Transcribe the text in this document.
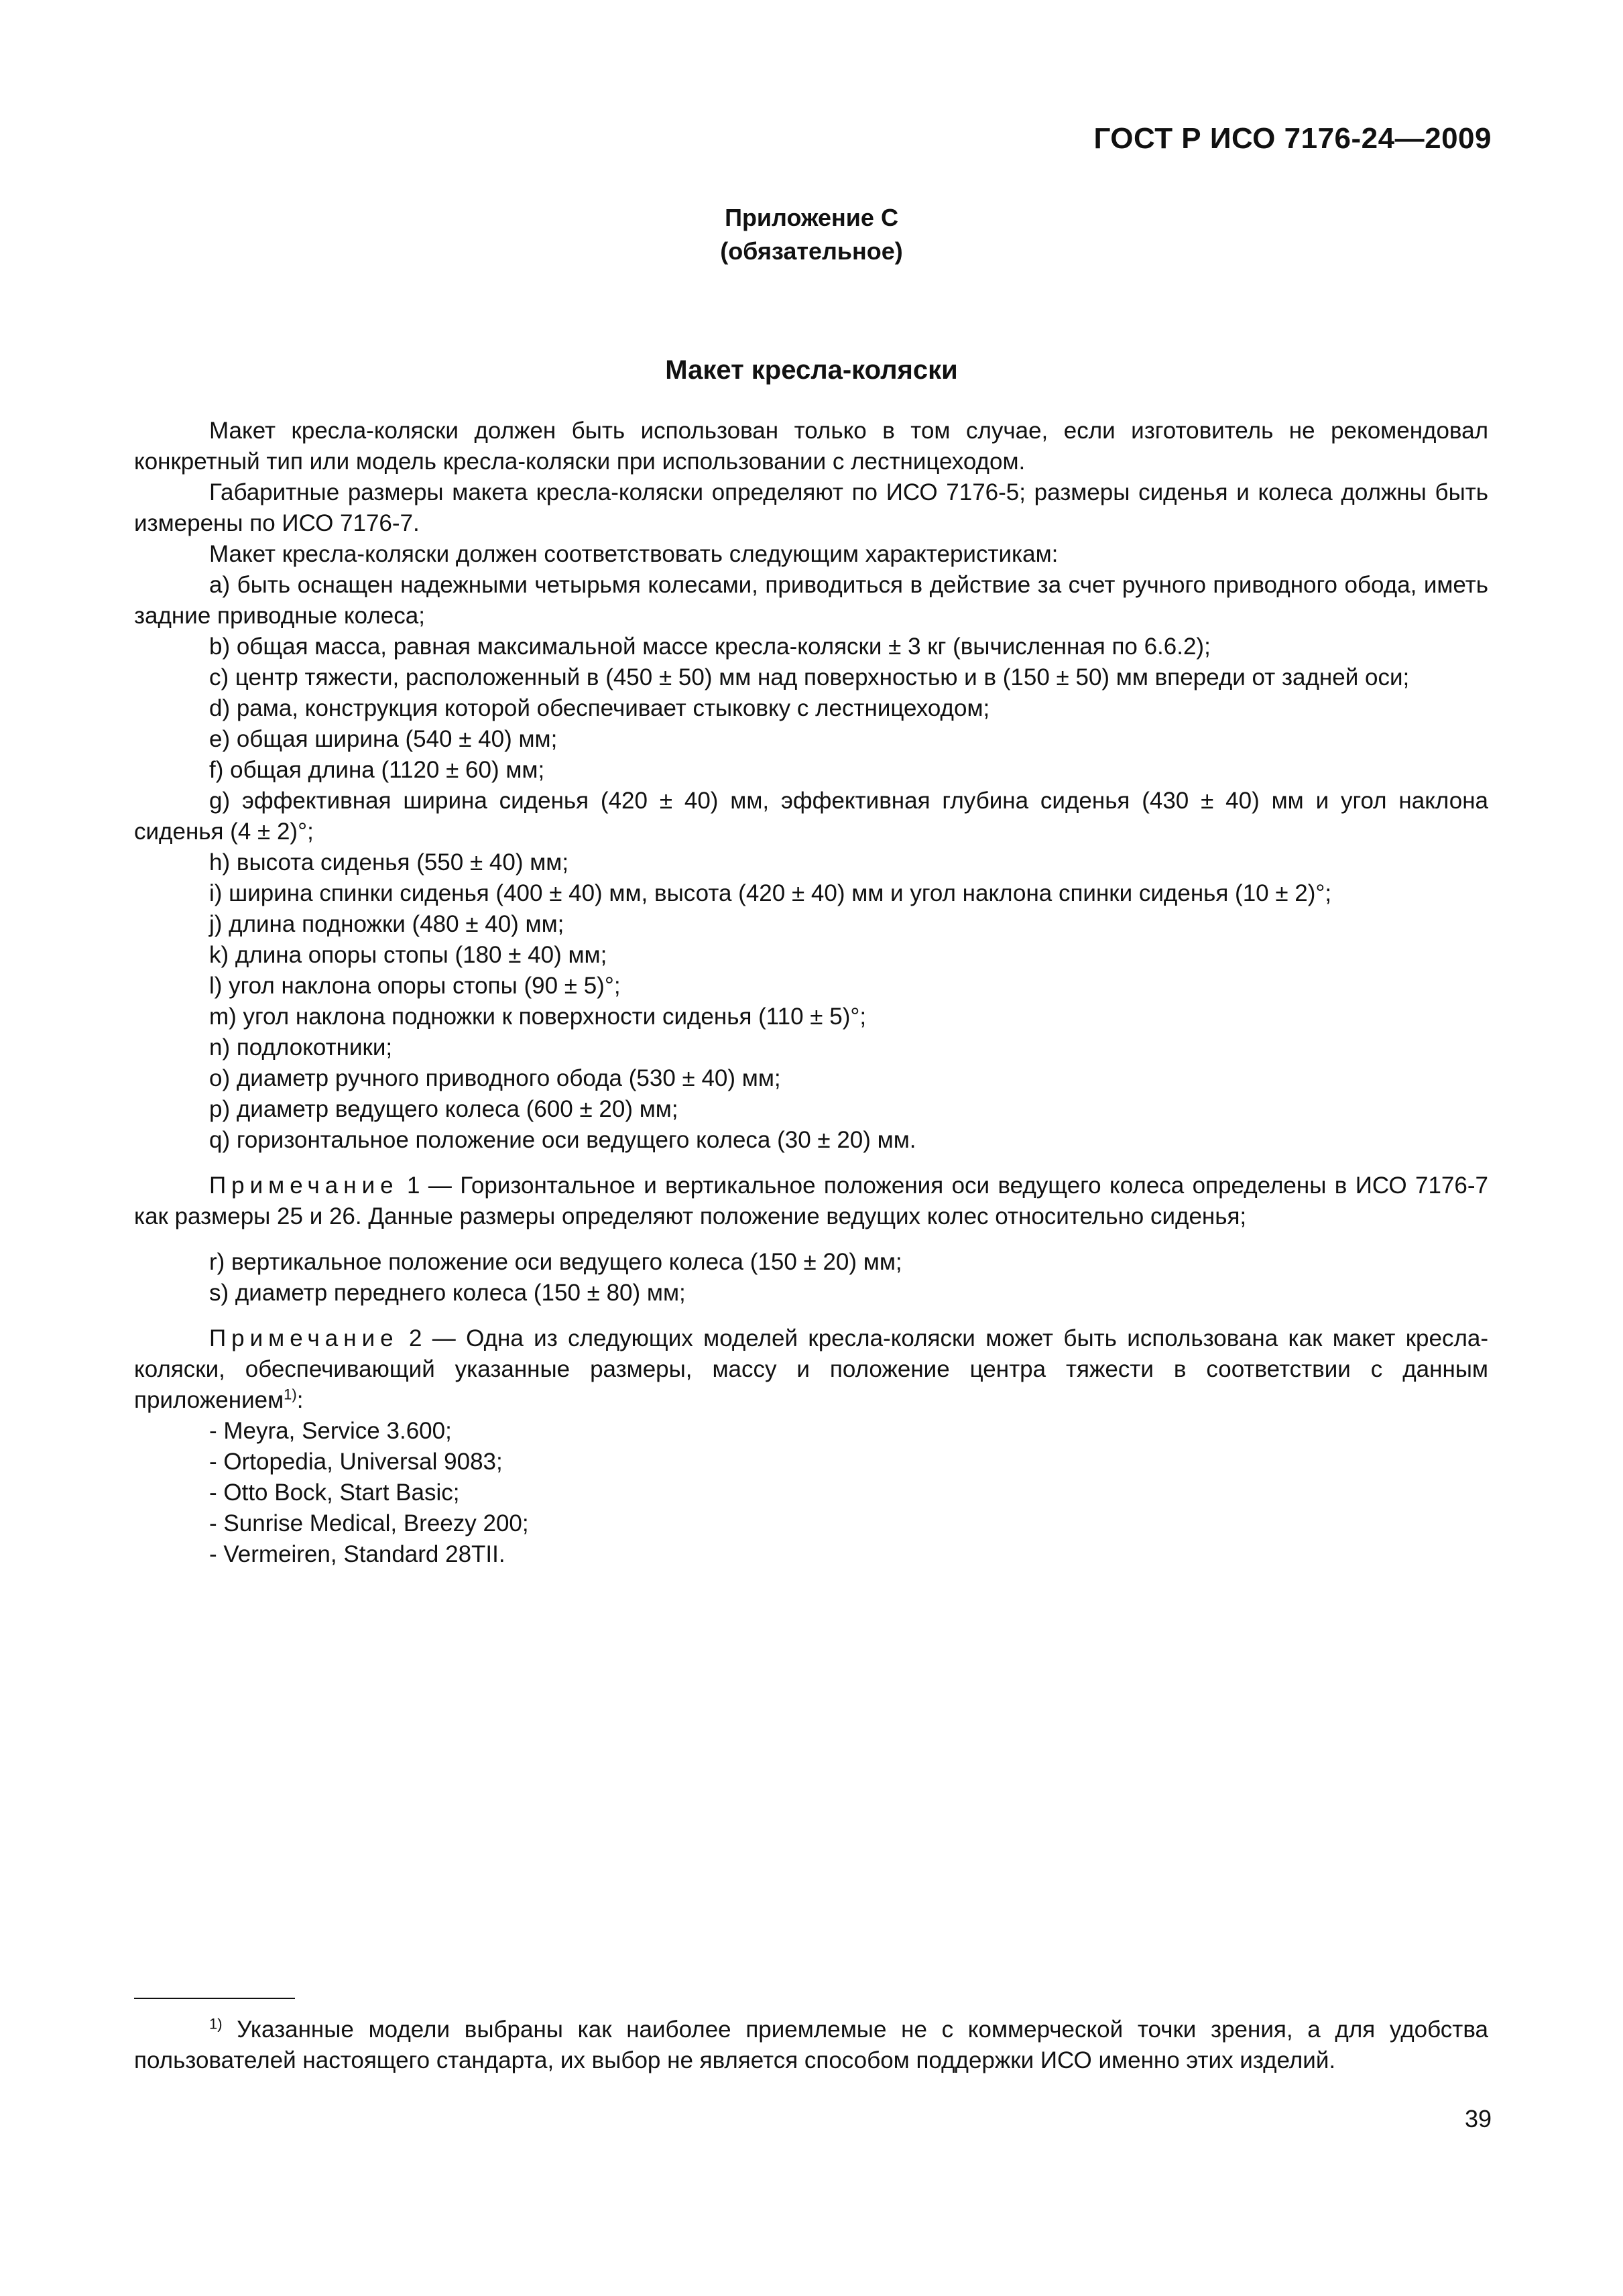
ГОСТ Р ИСО 7176-24—2009
Приложение С
(обязательное)
Макет кресла-коляски

Макет кресла-коляски должен быть использован только в том случае, если изготовитель не рекомендовал конкретный тип или модель кресла-коляски при использовании с лестницеходом.

Габаритные размеры макета кресла-коляски определяют по ИСО 7176-5; размеры сиденья и колеса должны быть измерены по ИСО 7176-7.

Макет кресла-коляски должен соответствовать следующим характеристикам:

a) быть оснащен надежными четырьмя колесами, приводиться в действие за счет ручного приводного обода, иметь задние приводные колеса;

b) общая масса, равная максимальной массе кресла-коляски ± 3 кг (вычисленная по 6.6.2);

c) центр тяжести, расположенный в (450 ± 50) мм над поверхностью и в (150 ± 50) мм впереди от задней оси;

d) рама, конструкция которой обеспечивает стыковку с лестницеходом;

e) общая ширина (540 ± 40) мм;

f) общая длина (1120 ± 60) мм;

g) эффективная ширина сиденья (420 ± 40) мм, эффективная глубина сиденья (430 ± 40) мм и угол наклона сиденья (4 ± 2)°;

h) высота сиденья (550 ± 40) мм;

i) ширина спинки сиденья (400 ± 40) мм, высота (420 ± 40) мм и угол наклона спинки сиденья (10 ± 2)°;

j) длина подножки (480 ± 40) мм;

k) длина опоры стопы (180 ± 40) мм;

l) угол наклона опоры стопы (90 ± 5)°;

m) угол наклона подножки к поверхности сиденья (110 ± 5)°;

n) подлокотники;

o) диаметр ручного приводного обода (530 ± 40) мм;

p) диаметр ведущего колеса (600 ± 20) мм;

q) горизонтальное положение оси ведущего колеса (30 ± 20) мм.

Примечание 1 — Горизонтальное и вертикальное положения оси ведущего колеса определены в ИСО 7176-7 как размеры 25 и 26. Данные размеры определяют положение ведущих колес относительно сиденья;

r) вертикальное положение оси ведущего колеса (150 ± 20) мм;

s) диаметр переднего колеса (150 ± 80) мм;

Примечание 2 — Одна из следующих моделей кресла-коляски может быть использована как макет кресла-коляски, обеспечивающий указанные размеры, массу и положение центра тяжести в соответствии с данным приложением$^{1)}$:

- Meyra, Service 3.600;

- Ortopedia, Universal 9083;

- Otto Bock, Start Basic;

- Sunrise Medical, Breezy 200;

- Vermeiren, Standard 28TII.

$^{1)}$ Указанные модели выбраны как наиболее приемлемые не с коммерческой точки зрения, а для удобства пользователей настоящего стандарта, их выбор не является способом поддержки ИСО именно этих изделий.

39
